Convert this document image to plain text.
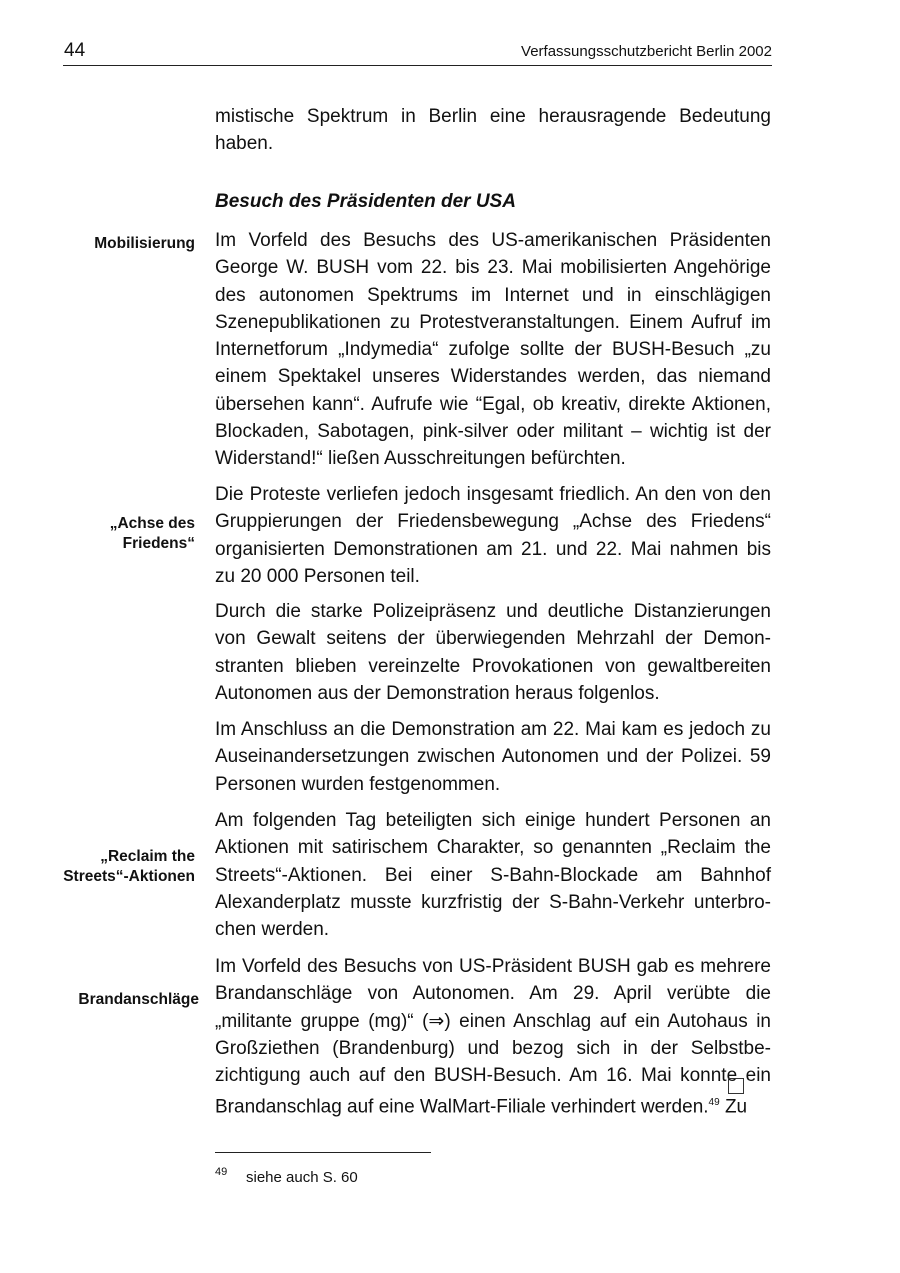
44	Verfassungsschutzbericht Berlin 2002

mistische Spektrum in Berlin eine herausragende Bedeutung haben.

Besuch des Präsidenten der USA
Mobilisierung Im Vorfeld des Besuchs des US-amerikanischen Präsidenten George W. BUSH vom 22. bis 23. Mai mobilisierten Angehörige des autonomen Spektrums im Internet und in einschlägigen Szenepublikationen zu Protestveranstaltungen. Einem Aufruf im Internetforum „Indymedia“ zufolge sollte der BUSH-Besuch „zu einem Spektakel unseres Widerstandes werden, das niemand übersehen kann“. Aufrufe wie “Egal, ob kreativ, direkte Aktionen, Blockaden, Sabotagen, pink-silver oder militant – wichtig ist der Widerstand!“ ließen Ausschreitungen befürchten.

„Achse des
Friedens“

Die Proteste verliefen jedoch insgesamt friedlich. An den von den Gruppierungen der Friedensbewegung „Achse des Friedens“ organisierten Demonstrationen am 21. und 22. Mai nahmen bis zu 20 000 Personen teil.

Durch die starke Polizeipräsenz und deutliche Distanzierungen von Gewalt seitens der überwiegenden Mehrzahl der Demonstranten blieben vereinzelte Provokationen von gewaltbereiten Autonomen aus der Demonstration heraus folgenlos.

Im Anschluss an die Demonstration am 22. Mai kam es jedoch zu Auseinandersetzungen zwischen Autonomen und der Polizei. 59 Personen wurden festgenommen.

„Reclaim the
Streets“-Aktionen

Am folgenden Tag beteiligten sich einige hundert Personen an Aktionen mit satirischem Charakter, so genannten „Reclaim the Streets“-Aktionen. Bei einer S-Bahn-Blockade am Bahnhof Alexanderplatz musste kurzfristig der S-Bahn-Verkehr unterbrochen werden.

Brandanschläge

Im Vorfeld des Besuchs von US-Präsident BUSH gab es mehrere Brandanschläge von Autonomen. Am 29. April verübte die „militante gruppe (mg)“ (⇒) einen Anschlag auf ein Autohaus in Großziethen (Brandenburg) und bezog sich in der Selbstbezichtigung auch auf den BUSH-Besuch. Am 16. Mai konnte ein Brandanschlag auf eine WalMart-Filiale verhindert werden.$^{49}$ Zu

49 siehe auch S. 60
